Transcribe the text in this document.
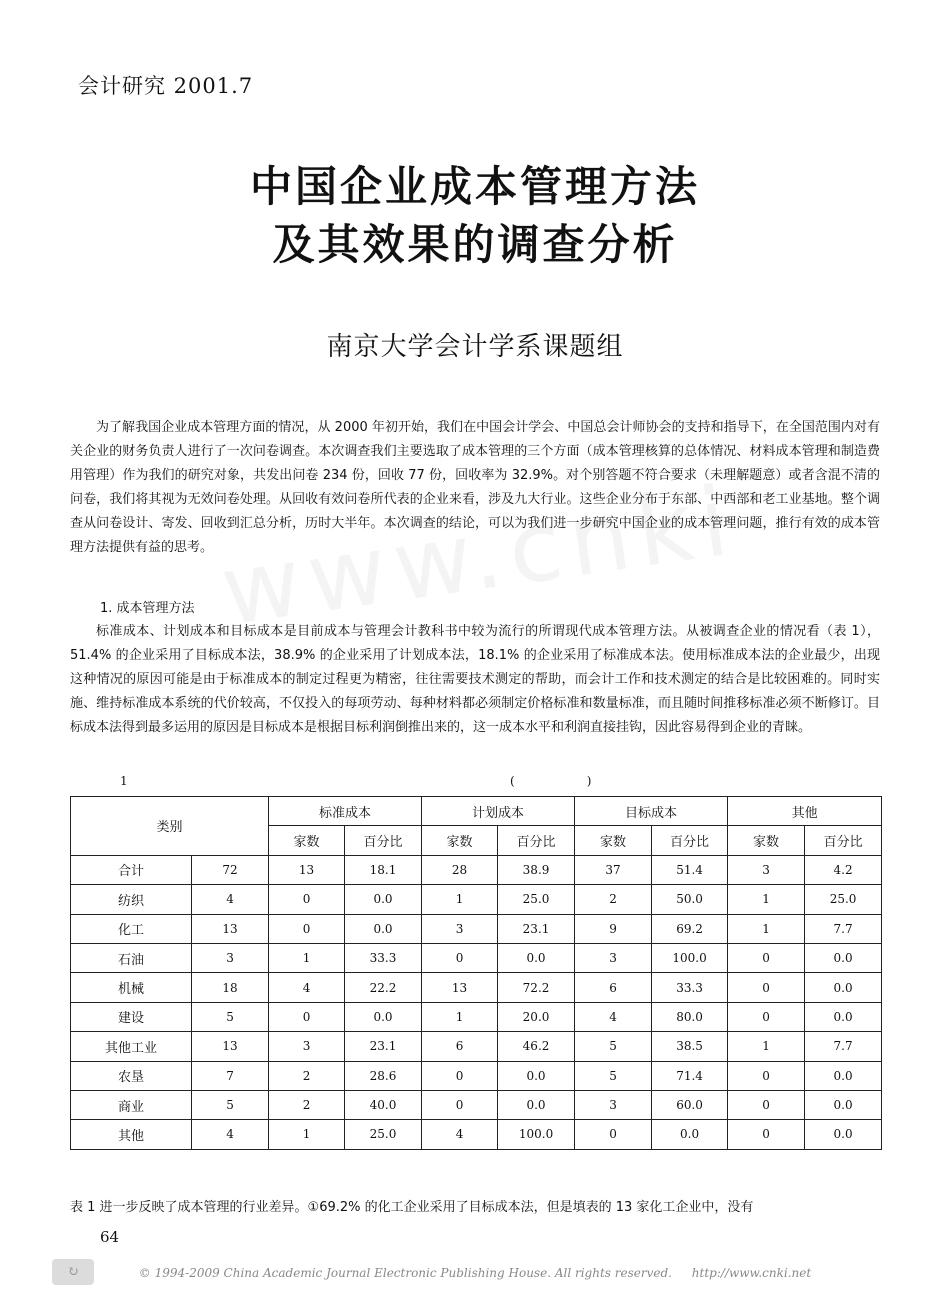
会计研究 2001.7
中国企业成本管理方法
及其效果的调查分析
南京大学会计学系课题组
为了解我国企业成本管理方面的情况，从 2000 年初开始，我们在中国会计学会、中国总会计师协会的支持和指导下，在全国范围内对有关企业的财务负责人进行了一次问卷调查。本次调查我们主要选取了成本管理的三个方面（成本管理核算的总体情况、材料成本管理和制造费用管理）作为我们的研究对象，共发出问卷 234 份，回收 77 份，回收率为 32.9%。对个别答题不符合要求（未理解题意）或者含混不清的问卷，我们将其视为无效问卷处理。从回收有效问卷所代表的企业来看，涉及九大行业。这些企业分布于东部、中西部和老工业基地。整个调查从问卷设计、寄发、回收到汇总分析，历时大半年。本次调查的结论，可以为我们进一步研究中国企业的成本管理问题，推行有效的成本管理方法提供有益的思考。
1. 成本管理方法
标准成本、计划成本和目标成本是目前成本与管理会计教科书中较为流行的所谓现代成本管理方法。从被调查企业的情况看（表 1），51.4% 的企业采用了目标成本法，38.9% 的企业采用了计划成本法，18.1% 的企业采用了标准成本法。使用标准成本法的企业最少，出现这种情况的原因可能是由于标准成本的制定过程更为精密，往往需要技术测定的帮助，而会计工作和技术测定的结合是比较困难的。同时实施、维持标准成本系统的代价较高，不仅投入的每项劳动、每种材料都必须制定价格标准和数量标准，而且随时间推移标准必须不断修订。目标成本法得到最多运用的原因是目标成本是根据目标利润倒推出来的，这一成本水平和利润直接挂钩，因此容易得到企业的青睐。
1	(	)
类别		标准成本		计划成本		目标成本		其他	
		家数	百分比	家数	百分比	家数	百分比	家数	百分比
合计	72	13	18.1	28	38.9	37	51.4	3	4.2
纺织	4	0	0.0	1	25.0	2	50.0	1	25.0
化工	13	0	0.0	3	23.1	9	69.2	1	7.7
石油	3	1	33.3	0	0.0	3	100.0	0	0.0
机械	18	4	22.2	13	72.2	6	33.3	0	0.0
建设	5	0	0.0	1	20.0	4	80.0	0	0.0
其他工业	13	3	23.1	6	46.2	5	38.5	1	7.7
农垦	7	2	28.6	0	0.0	5	71.4	0	0.0
商业	5	2	40.0	0	0.0	3	60.0	0	0.0
其他	4	1	25.0	4	100.0	0	0.0	0	0.0
表 1 进一步反映了成本管理的行业差异。①69.2% 的化工企业采用了目标成本法，但是填表的 13 家化工企业中，没有
64
↻	© 1994-2009 China Academic Journal Electronic Publishing House. All rights reserved. http://www.cnki.net
